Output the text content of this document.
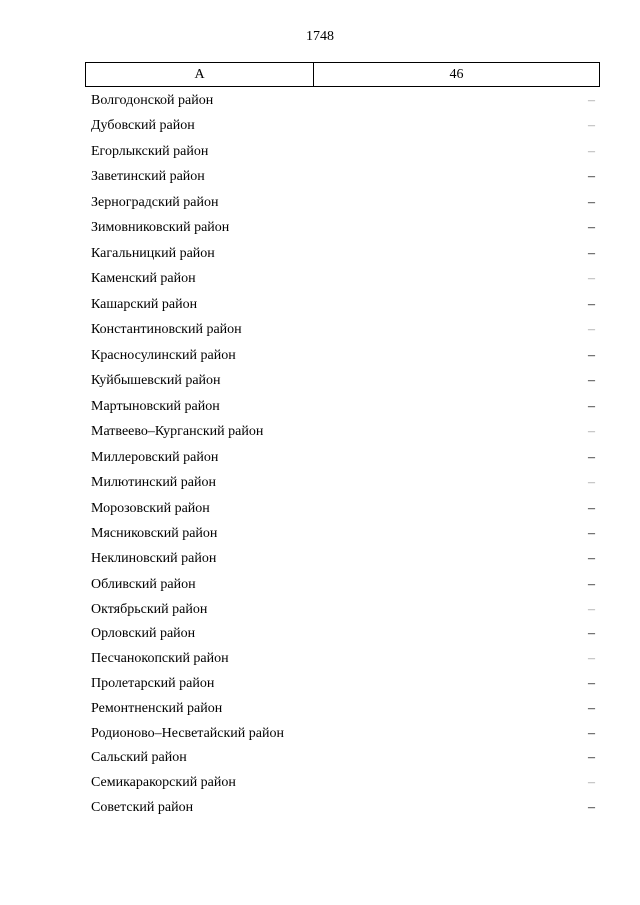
1748
A	46
Волгодонской район	–
Дубовский район	–
Егорлыкский район	–
Заветинский район	–
Зерноградский район	–
Зимовниковский район	–
Кагальницкий район	–
Каменский район	–
Кашарский район	–
Константиновский район	–
Красносулинский район	–
Куйбышевский район	–
Мартыновский район	–
Матвеево–Курганский район	–
Миллеровский район	–
Милютинский район	–
Морозовский район	–
Мясниковский район	–
Неклиновский район	–
Обливский район	–
Октябрьский район	–
Орловский район	–
Песчанокопский район	–
Пролетарский район	–
Ремонтненский район	–
Родионово–Несветайский район	–
Сальский район	–
Семикаракорский район	–
Советский район	–
